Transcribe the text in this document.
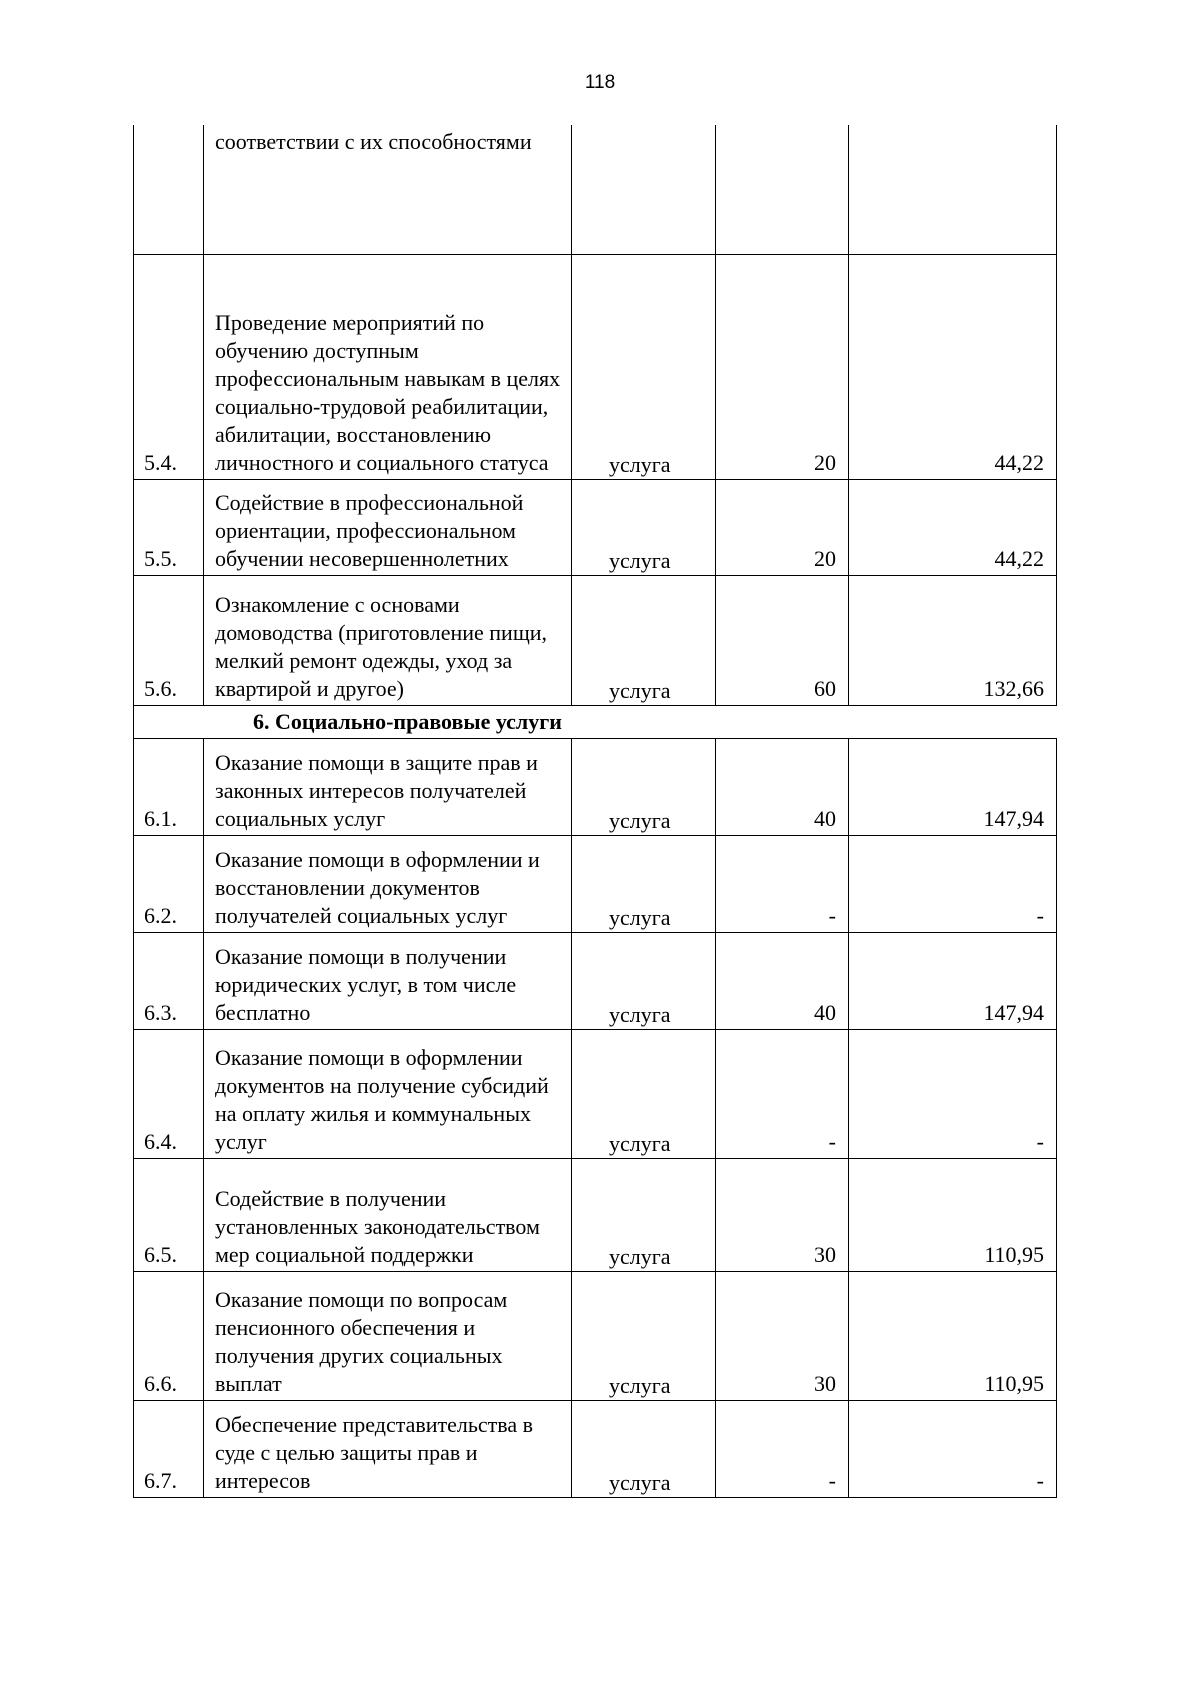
118
	соответствии с их способностями			
5.4.	Проведение мероприятий по обучению доступным профессиональным навыкам в целях социально-трудовой реабилитации, абилитации, восстановлению личностного и социального статуса	услуга	20	44,22
5.5.	Содействие в профессиональной ориентации, профессиональном обучении несовершеннолетних	услуга	20	44,22
5.6.	Ознакомление с основами домоводства (приготовление пищи, мелкий ремонт одежды, уход за квартирой и другое)	услуга	60	132,66
6. Социально-правовые услуги				
6.1.	Оказание помощи в защите прав и законных интересов получателей социальных услуг	услуга	40	147,94
6.2.	Оказание помощи в оформлении и восстановлении документов получателей социальных услуг	услуга	-	-
6.3.	Оказание помощи в получении юридических услуг, в том числе бесплатно	услуга	40	147,94
6.4.	Оказание помощи в оформлении документов на получение субсидий на оплату жилья и коммунальных услуг	услуга	-	-
6.5.	Содействие в получении установленных законодательством мер социальной поддержки	услуга	30	110,95
6.6.	Оказание помощи по вопросам пенсионного обеспечения и получения других социальных выплат	услуга	30	110,95
6.7.	Обеспечение представительства в суде с целью защиты прав и интересов	услуга	-	-
